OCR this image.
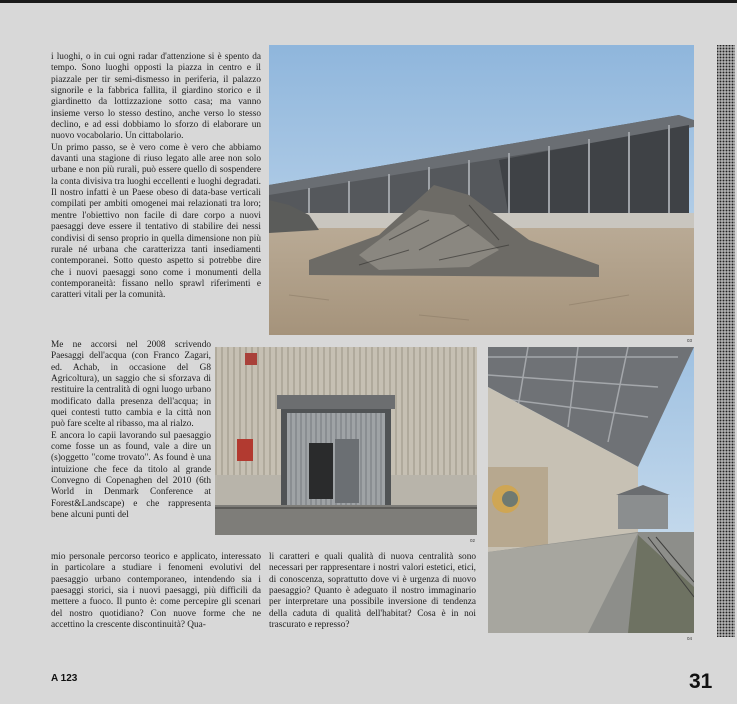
i luoghi, o in cui ogni radar d'attenzione si è spento da tempo. Sono luoghi opposti la piazza in centro e il piazzale per tir semi-dismesso in periferia, il palazzo signorile e la fabbrica fallita, il giardino storico e il giardinetto da lottizzazione sotto casa; ma vanno insieme verso lo stesso destino, anche verso lo stesso declino, e ad essi dobbiamo lo sforzo di elaborare un nuovo vocabolario. Un cittabolario.

Un primo passo, se è vero come è vero che abbiamo davanti una stagione di riuso legato alle aree non solo urbane e non più rurali, può essere quello di sospendere la conta divisiva tra luoghi eccellenti e luoghi degradati. Il nostro infatti è un Paese obeso di data-base verticali compilati per ambiti omogenei mai relazionati tra loro; mentre l'obiettivo non facile di dare corpo a nuovi paesaggi deve essere il tentativo di stabilire dei nessi condivisi di senso proprio in quella dimensione non più rurale né urbana che caratterizza tanti insediamenti contemporanei. Sotto questo aspetto si potrebbe dire che i nuovi paesaggi sono come i monumenti della contemporaneità: fissano nello sprawl riferimenti e caratteri vitali per la comunità.

Me ne accorsi nel 2008 scrivendo Paesaggi dell'acqua (con Franco Zagari, ed. Achab, in occasione del G8 Agricoltura), un saggio che si sforzava di restituire la centralità di ogni luogo urbano modificato dalla presenza dell'acqua; in quei contesti tutto cambia e la città non può fare scelte al ribasso, ma al rialzo.

E ancora lo capii lavorando sul paesaggio come fosse un as found, vale a dire un (s)oggetto "come trovato". As found è una intuizione che fece da titolo al grande Convegno di Copenaghen del 2010 (6th World in Denmark Conference at Forest&Landscape) e che rappresenta bene alcuni punti del

mio personale percorso teorico e applicato, interessato in particolare a studiare i fenomeni evolutivi del paesaggio urbano contemporaneo, intendendo sia i paesaggi storici, sia i nuovi paesaggi, più difficili da mettere a fuoco. Il punto è: come percepire gli scenari del nostro quotidiano? Con nuove forme che ne accettino la crescente discontinuità? Qua-

li caratteri e quali qualità di nuova centralità sono necessari per rappresentare i nostri valori estetici, etici, di conoscenza, soprattutto dove vi è urgenza di nuovo paesaggio? Quanto è adeguato il nostro immaginario per interpretare una possibile inversione di tendenza della caduta di qualità dell'habitat? Cosa è in noi trascurato e represso?

03
02
04
A 123	31
